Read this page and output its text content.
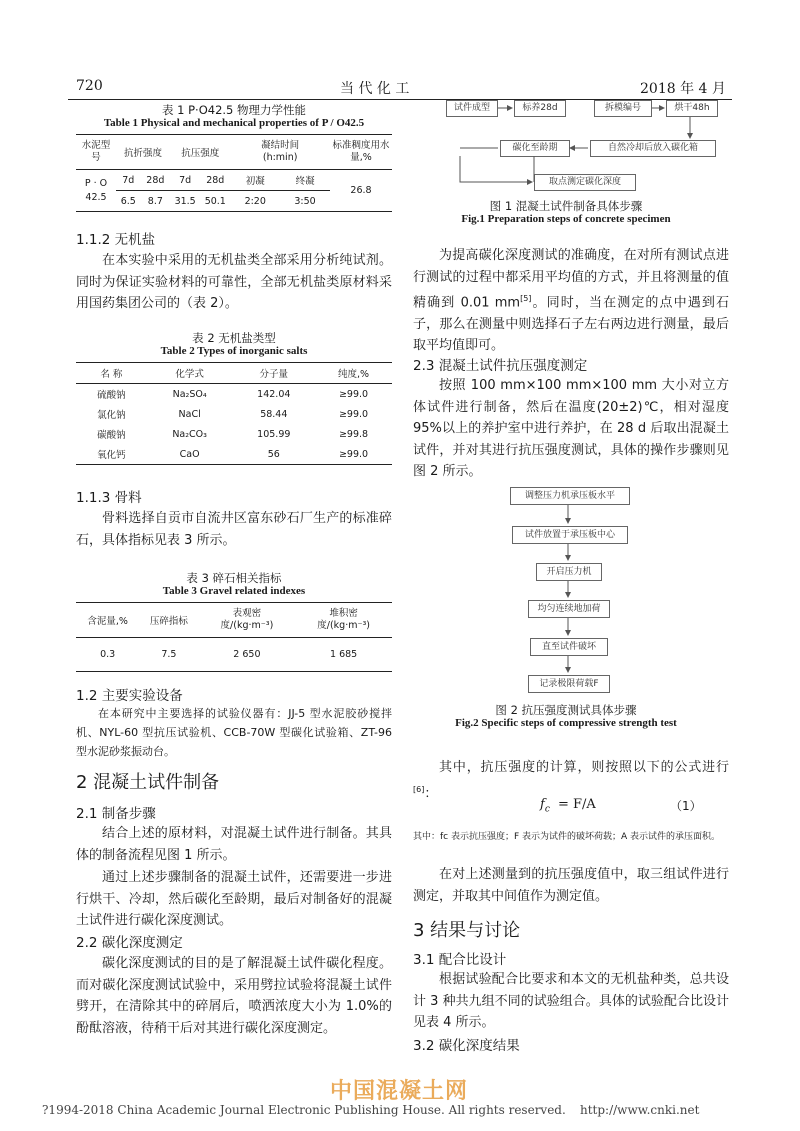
720	当 代 化 工	2018 年 4 月
表 1 P·O42.5 物理力学性能
Table 1 Physical and mechanical properties of P / O42.5
水泥型号	抗折强度		抗压强度		凝结时间(h:min)		标准稠度用水量,%
P · O 42.5	7d	28d	7d	28d	初凝	终凝	26.8
	6.5	8.7	31.5	50.1	2:20	3:50	
1.1.2 无机盐
在本实验中采用的无机盐类全部采用分析纯试剂。同时为保证实验材料的可靠性，全部无机盐类原材料采用国药集团公司的（表 2）。
表 2 无机盐类型
Table 2 Types of inorganic salts
名 称	化学式	分子量	纯度,%
硫酸钠	Na₂SO₄	142.04	≥99.0
氯化钠	NaCl	58.44	≥99.0
碳酸钠	Na₂CO₃	105.99	≥99.8
氧化钙	CaO	56	≥99.0
1.1.3 骨料
骨料选择自贡市自流井区富东砂石厂生产的标准碎石，具体指标见表 3 所示。
表 3 碎石相关指标
Table 3 Gravel related indexes
含泥量,%	压碎指标	表观密度/(kg·m⁻³)	堆积密度/(kg·m⁻³)
0.3	7.5	2 650	1 685
1.2 主要实验设备
在本研究中主要选择的试验仪器有：JJ-5 型水泥胶砂搅拌机、NYL-60 型抗压试验机、CCB-70W 型碳化试验箱、ZT-96 型水泥砂浆振动台。
2 混凝土试件制备
2.1 制备步骤
结合上述的原材料，对混凝土试件进行制备。其具体的制备流程见图 1 所示。
通过上述步骤制备的混凝土试件，还需要进一步进行烘干、冷却，然后碳化至龄期，最后对制备好的混凝土试件进行碳化深度测试。
2.2 碳化深度测定
碳化深度测试的目的是了解混凝土试件碳化程度。而对碳化深度测试试验中，采用劈拉试验将混凝土试件劈开，在清除其中的碎屑后，喷洒浓度大小为 1.0%的酚酞溶液，待稍干后对其进行碳化深度测定。
试件成型	标养28d	拆模编号	烘干48h
碳化至龄期	自然冷却后放入碳化箱
取点测定碳化深度
图 1 混凝土试件制备具体步骤
Fig.1 Preparation steps of concrete specimen
为提高碳化深度测试的准确度，在对所有测试点进行测试的过程中都采用平均值的方式，并且将测量的值精确到 0.01 mm[5]。同时，当在测定的点中遇到石子，那么在测量中则选择石子左右两边进行测量，最后取平均值即可。
2.3 混凝土试件抗压强度测定
按照 100 mm×100 mm×100 mm 大小对立方体试件进行制备，然后在温度(20±2)℃，相对湿度 95%以上的养护室中进行养护，在 28 d 后取出混凝土试件，并对其进行抗压强度测试，具体的操作步骤则见图 2 所示。
调整压力机承压板水平
试件放置于承压板中心
开启压力机
均匀连续地加荷
直至试件破坏
记录极限荷载F
图 2 抗压强度测试具体步骤
Fig.2 Specific steps of compressive strength test
其中，抗压强度的计算，则按照以下的公式进行[6]：
$f_c = F/A$	（1）
其中：fc 表示抗压强度；F 表示为试件的破坏荷载；A 表示试件的承压面积。
在对上述测量到的抗压强度值中，取三组试件进行测定，并取其中间值作为测定值。
3 结果与讨论
3.1 配合比设计
根据试验配合比要求和本文的无机盐种类，总共设计 3 种共九组不同的试验组合。具体的试验配合比设计见表 4 所示。
3.2 碳化深度结果
中国混凝土网
?1994-2018 China Academic Journal Electronic Publishing House. All rights reserved. http://www.cnki.net
